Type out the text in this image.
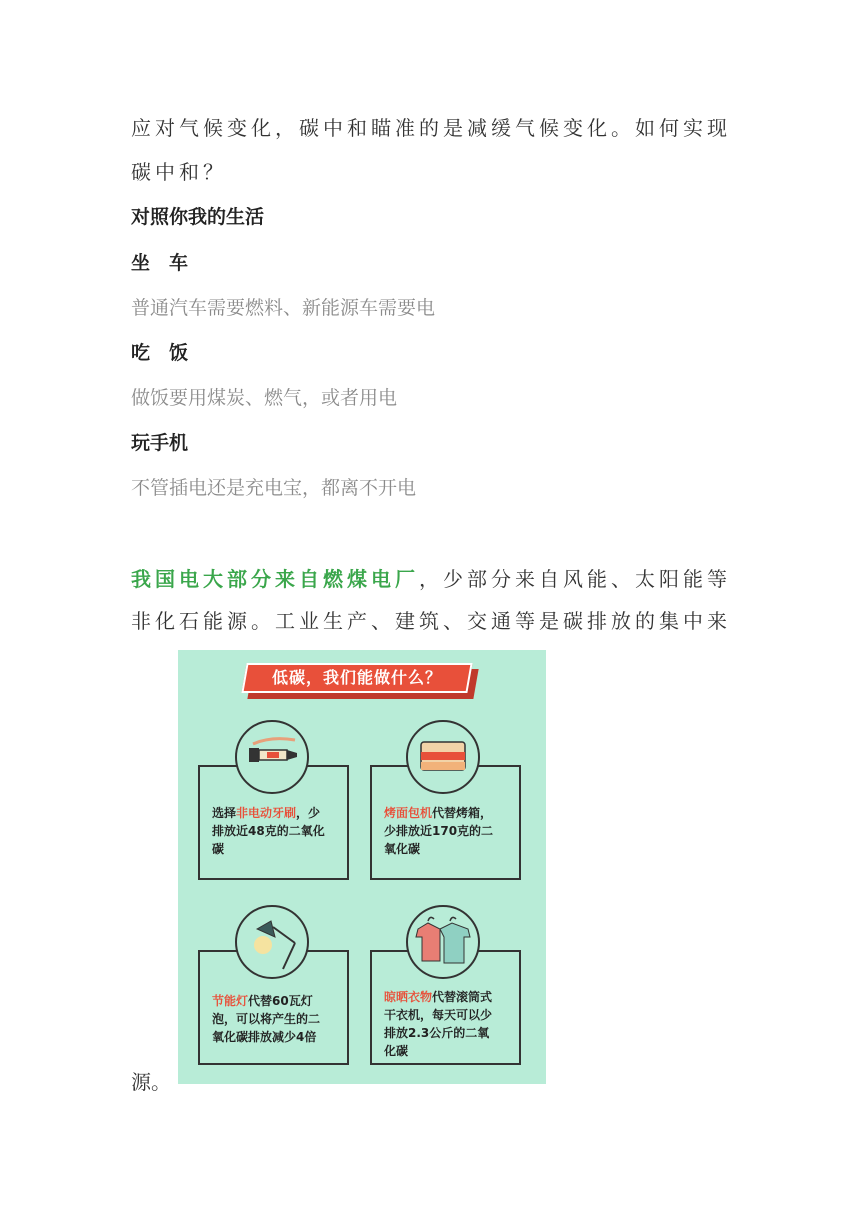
应对气候变化，碳中和瞄准的是减缓气候变化。如何实现
碳中和？
对照你我的生活
坐　车
普通汽车需要燃料、新能源车需要电
吃　饭
做饭要用煤炭、燃气，或者用电
玩手机
不管插电还是充电宝，都离不开电
我国电大部分来自燃煤电厂，少部分来自风能、太阳能等
非化石能源。工业生产、建筑、交通等是碳排放的集中来
低碳，我们能做什么？
选择非电动牙刷，少
排放近48克的二氧化
碳
烤面包机代替烤箱，
少排放近170克的二
氧化碳
节能灯代替60瓦灯
泡，可以将产生的二
氧化碳排放减少4倍
晾晒衣物代替滚筒式
干衣机，每天可以少
排放2.3公斤的二氧
化碳
源。
